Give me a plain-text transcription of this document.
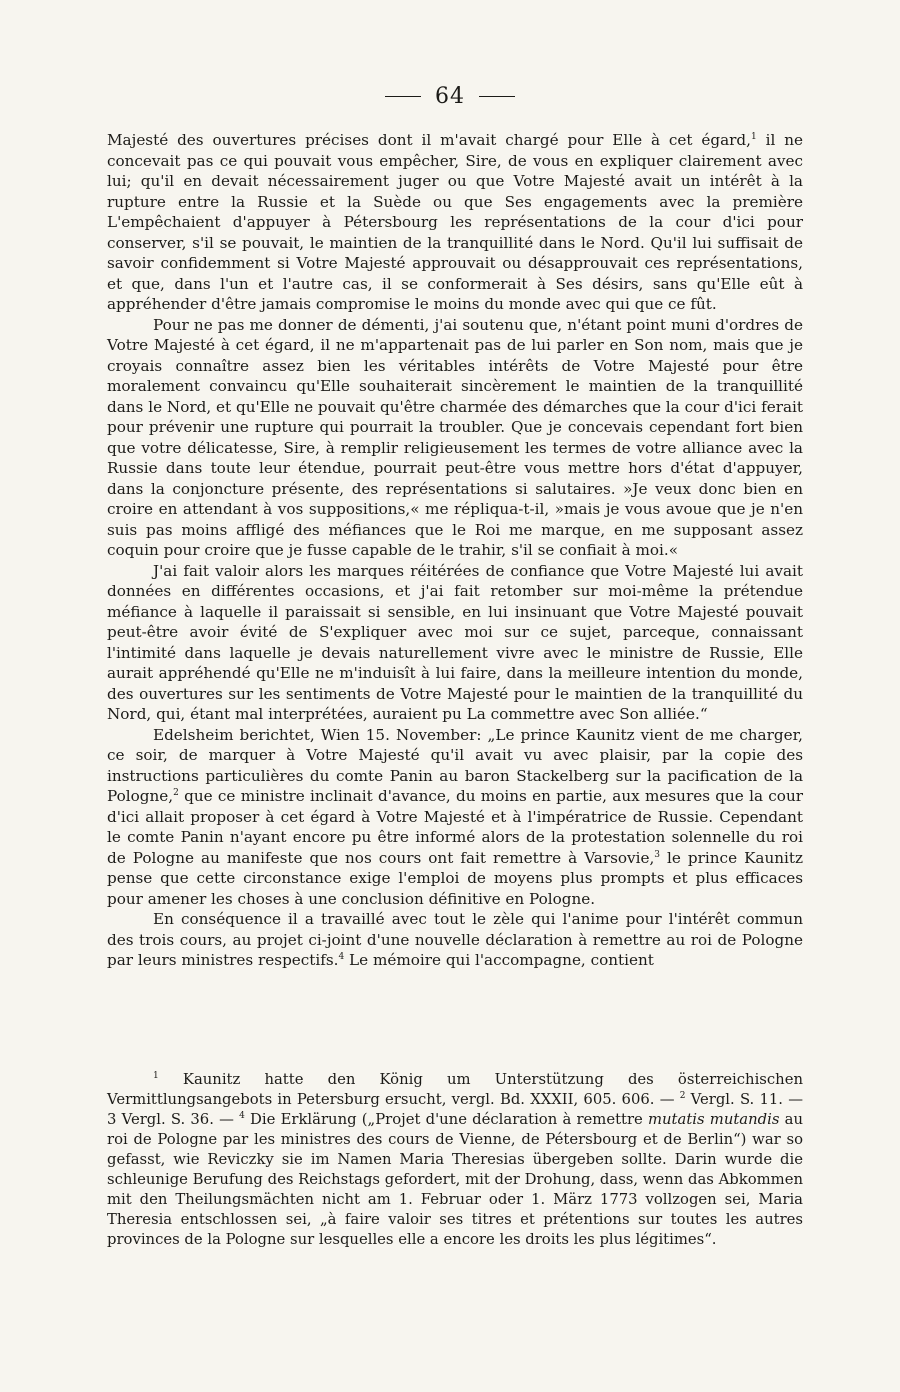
64

Majesté des ouvertures précises dont il m'avait chargé pour Elle à cet égard,$^1$ il ne concevait pas ce qui pouvait vous empêcher, Sire, de vous en expliquer clairement avec lui; qu'il en devait nécessairement juger ou que Votre Majesté avait un intérêt à la rupture entre la Russie et la Suède ou que Ses engagements avec la première L'empêchaient d'appuyer à Pétersbourg les représentations de la cour d'ici pour conserver, s'il se pouvait, le maintien de la tranquillité dans le Nord. Qu'il lui suffisait de savoir confidemment si Votre Majesté approuvait ou désapprouvait ces représentations, et que, dans l'un et l'autre cas, il se conformerait à Ses désirs, sans qu'Elle eût à appréhender d'être jamais compromise le moins du monde avec qui que ce fût.

Pour ne pas me donner de démenti, j'ai soutenu que, n'étant point muni d'ordres de Votre Majesté à cet égard, il ne m'appartenait pas de lui parler en Son nom, mais que je croyais connaître assez bien les véritables intérêts de Votre Majesté pour être moralement convaincu qu'Elle souhaiterait sincèrement le maintien de la tranquillité dans le Nord, et qu'Elle ne pouvait qu'être charmée des démarches que la cour d'ici ferait pour prévenir une rupture qui pourrait la troubler. Que je concevais cependant fort bien que votre délicatesse, Sire, à remplir religieusement les termes de votre alliance avec la Russie dans toute leur étendue, pourrait peut-être vous mettre hors d'état d'appuyer, dans la conjoncture présente, des représentations si salutaires. »Je veux donc bien en croire en attendant à vos suppositions,« me répliqua-t-il, »mais je vous avoue que je n'en suis pas moins affligé des méfiances que le Roi me marque, en me supposant assez coquin pour croire que je fusse capable de le trahir, s'il se confiait à moi.«

J'ai fait valoir alors les marques réitérées de confiance que Votre Majesté lui avait données en différentes occasions, et j'ai fait retomber sur moi-même la prétendue méfiance à laquelle il paraissait si sensible, en lui insinuant que Votre Majesté pouvait peut-être avoir évité de S'expliquer avec moi sur ce sujet, parceque, connaissant l'intimité dans laquelle je devais naturellement vivre avec le ministre de Russie, Elle aurait appréhendé qu'Elle ne m'induisît à lui faire, dans la meilleure intention du monde, des ouvertures sur les sentiments de Votre Majesté pour le maintien de la tranquillité du Nord, qui, étant mal interprétées, auraient pu La commettre avec Son alliée.“

Edelsheim berichtet, Wien 15. November: „Le prince Kaunitz vient de me charger, ce soir, de marquer à Votre Majesté qu'il avait vu avec plaisir, par la copie des instructions particulières du comte Panin au baron Stackelberg sur la pacification de la Pologne,$^2$ que ce ministre inclinait d'avance, du moins en partie, aux mesures que la cour d'ici allait proposer à cet égard à Votre Majesté et à l'impératrice de Russie. Cependant le comte Panin n'ayant encore pu être informé alors de la protestation solennelle du roi de Pologne au manifeste que nos cours ont fait remettre à Varsovie,$^3$ le prince Kaunitz pense que cette circonstance exige l'emploi de moyens plus prompts et plus efficaces pour amener les choses à une conclusion définitive en Pologne.

En conséquence il a travaillé avec tout le zèle qui l'anime pour l'intérêt commun des trois cours, au projet ci-joint d'une nouvelle déclaration à remettre au roi de Pologne par leurs ministres respectifs.$^4$ Le mémoire qui l'accompagne, contient

$^1$ Kaunitz hatte den König um Unterstützung des österreichischen Vermittlungsangebots in Petersburg ersucht, vergl. Bd. XXXII, 605. 606. — $^2$ Vergl. S. 11. — 3 Vergl. S. 36. — $^4$ Die Erklärung („Projet d'une déclaration à remettre mutatis mutandis au roi de Pologne par les ministres des cours de Vienne, de Pétersbourg et de Berlin“) war so gefasst, wie Reviczky sie im Namen Maria Theresias übergeben sollte. Darin wurde die schleunige Berufung des Reichstags gefordert, mit der Drohung, dass, wenn das Abkommen mit den Theilungsmächten nicht am 1. Februar oder 1. März 1773 vollzogen sei, Maria Theresia entschlossen sei, „à faire valoir ses titres et prétentions sur toutes les autres provinces de la Pologne sur lesquelles elle a encore les droits les plus légitimes“.
